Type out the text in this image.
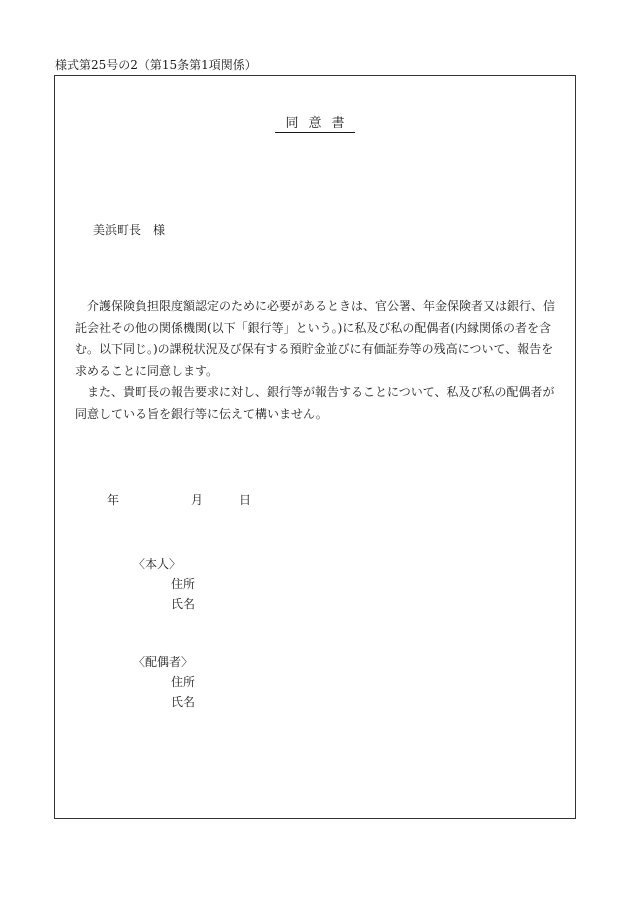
様式第25号の2（第15条第1項関係）
同意書
美浜町長　様

介護保険負担限度額認定のために必要があるときは、官公署、年金保険者又は銀行、信託会社その他の関係機関(以下「銀行等」という。)に私及び私の配偶者(内縁関係の者を含む。以下同じ。)の課税状況及び保有する預貯金並びに有価証券等の残高について、報告を求めることに同意します。

また、貴町長の報告要求に対し、銀行等が報告することについて、私及び私の配偶者が同意している旨を銀行等に伝えて構いません。

年	月	日
〈本人〉
住所
氏名
〈配偶者〉
住所
氏名
